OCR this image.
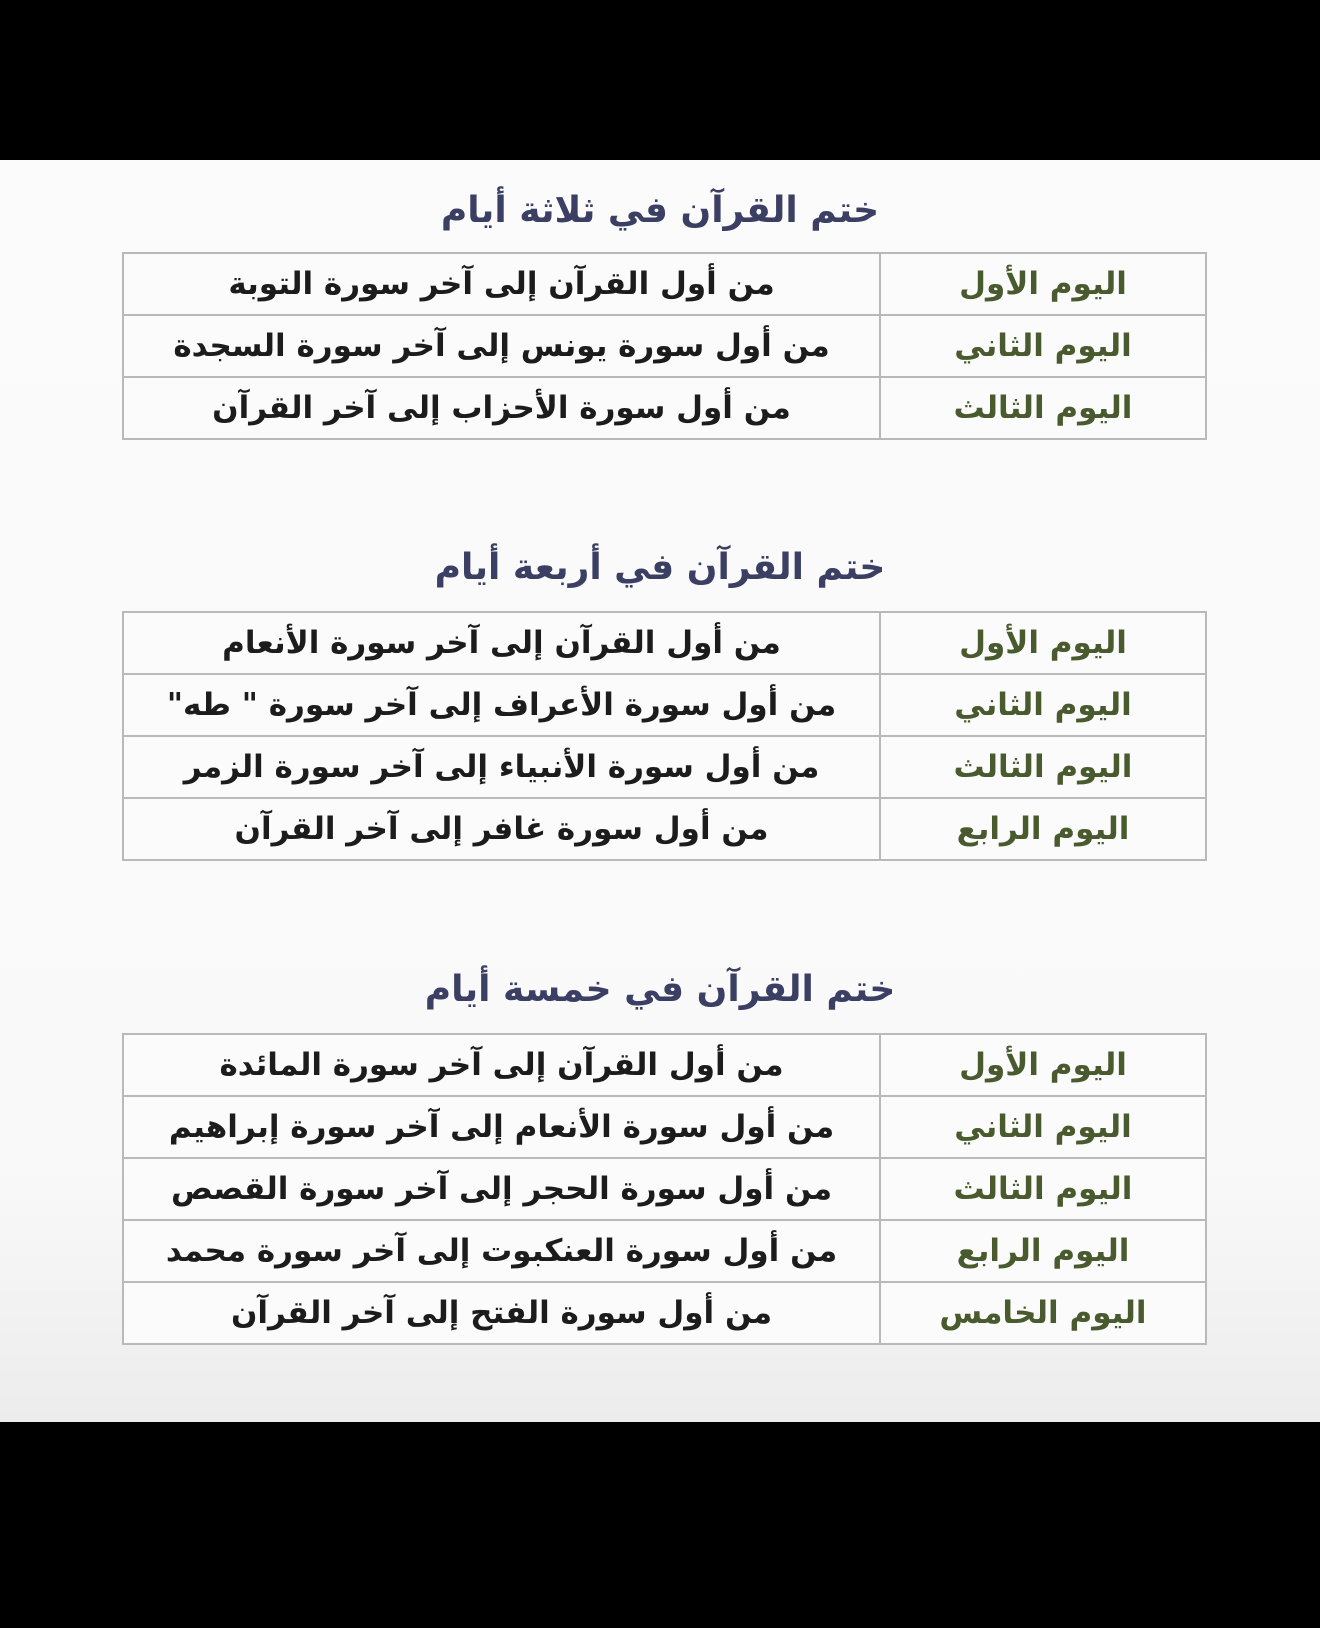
ختم القرآن في ثلاثة أيام
اليوم الأول	من أول القرآن إلى آخر سورة التوبة
اليوم الثاني	من أول سورة يونس إلى آخر سورة السجدة
اليوم الثالث	من أول سورة الأحزاب إلى آخر القرآن
ختم القرآن في أربعة أيام
اليوم الأول	من أول القرآن إلى آخر سورة الأنعام
اليوم الثاني	من أول سورة الأعراف إلى آخر سورة " طه"
اليوم الثالث	من أول سورة الأنبياء إلى آخر سورة الزمر
اليوم الرابع	من أول سورة غافر إلى آخر القرآن
ختم القرآن في خمسة أيام
اليوم الأول	من أول القرآن إلى آخر سورة المائدة
اليوم الثاني	من أول سورة الأنعام إلى آخر سورة إبراهيم
اليوم الثالث	من أول سورة الحجر إلى آخر سورة القصص
اليوم الرابع	من أول سورة العنكبوت إلى آخر سورة محمد
اليوم الخامس	من أول سورة الفتح إلى آخر القرآن
